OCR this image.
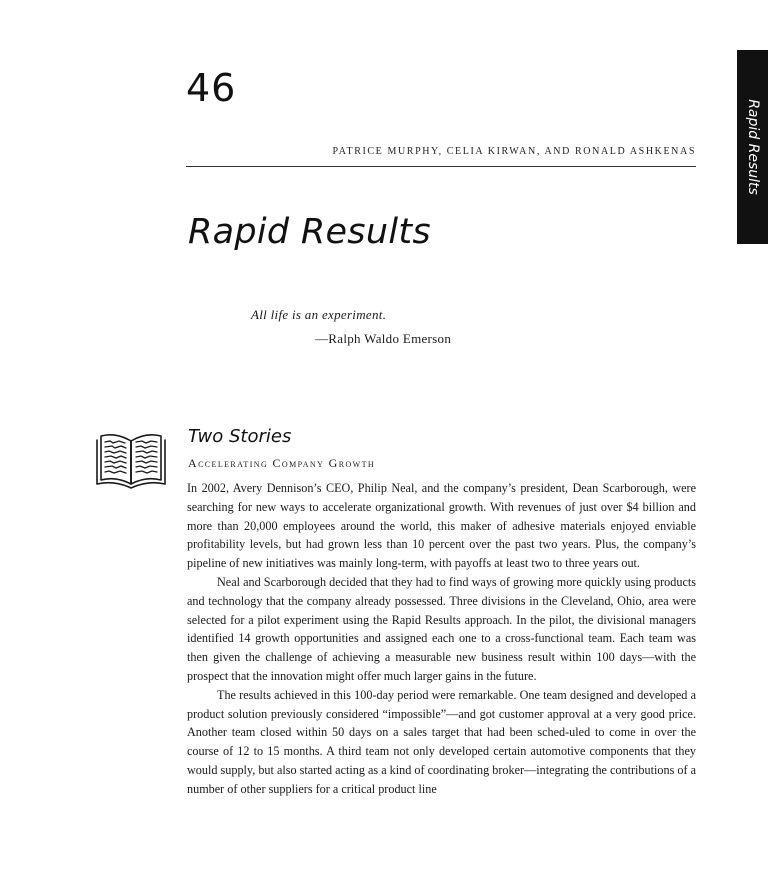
46

PATRICE MURPHY, CELIA KIRWAN, AND RONALD ASHKENAS

Rapid Results

All life is an experiment.

—Ralph Waldo Emerson

Rapid Results
Two Stories
Accelerating Company Growth

In 2002, Avery Dennison’s CEO, Philip Neal, and the company’s president, Dean Scarborough, were searching for new ways to accelerate organizational growth. With revenues of just over $4 billion and more than 20,000 employees around the world, this maker of adhesive materials enjoyed enviable profitability levels, but had grown less than 10 percent over the past two years. Plus, the company’s pipeline of new initiatives was mainly long-term, with payoffs at least two to three years out.

Neal and Scarborough decided that they had to find ways of growing more quickly using products and technology that the company already possessed. Three divisions in the Cleveland, Ohio, area were selected for a pilot experiment using the Rapid Results approach. In the pilot, the divisional managers identified 14 growth opportunities and assigned each one to a cross-functional team. Each team was then given the challenge of achieving a measurable new business result within 100 days—with the prospect that the innovation might offer much larger gains in the future.

The results achieved in this 100-day period were remarkable. One team designed and developed a product solution previously considered “impossible”—and got customer approval at a very good price. Another team closed within 50 days on a sales target that had been sched-uled to come in over the course of 12 to 15 months. A third team not only developed certain automotive components that they would supply, but also started acting as a kind of coordinating broker—integrating the contributions of a number of other suppliers for a critical product line
